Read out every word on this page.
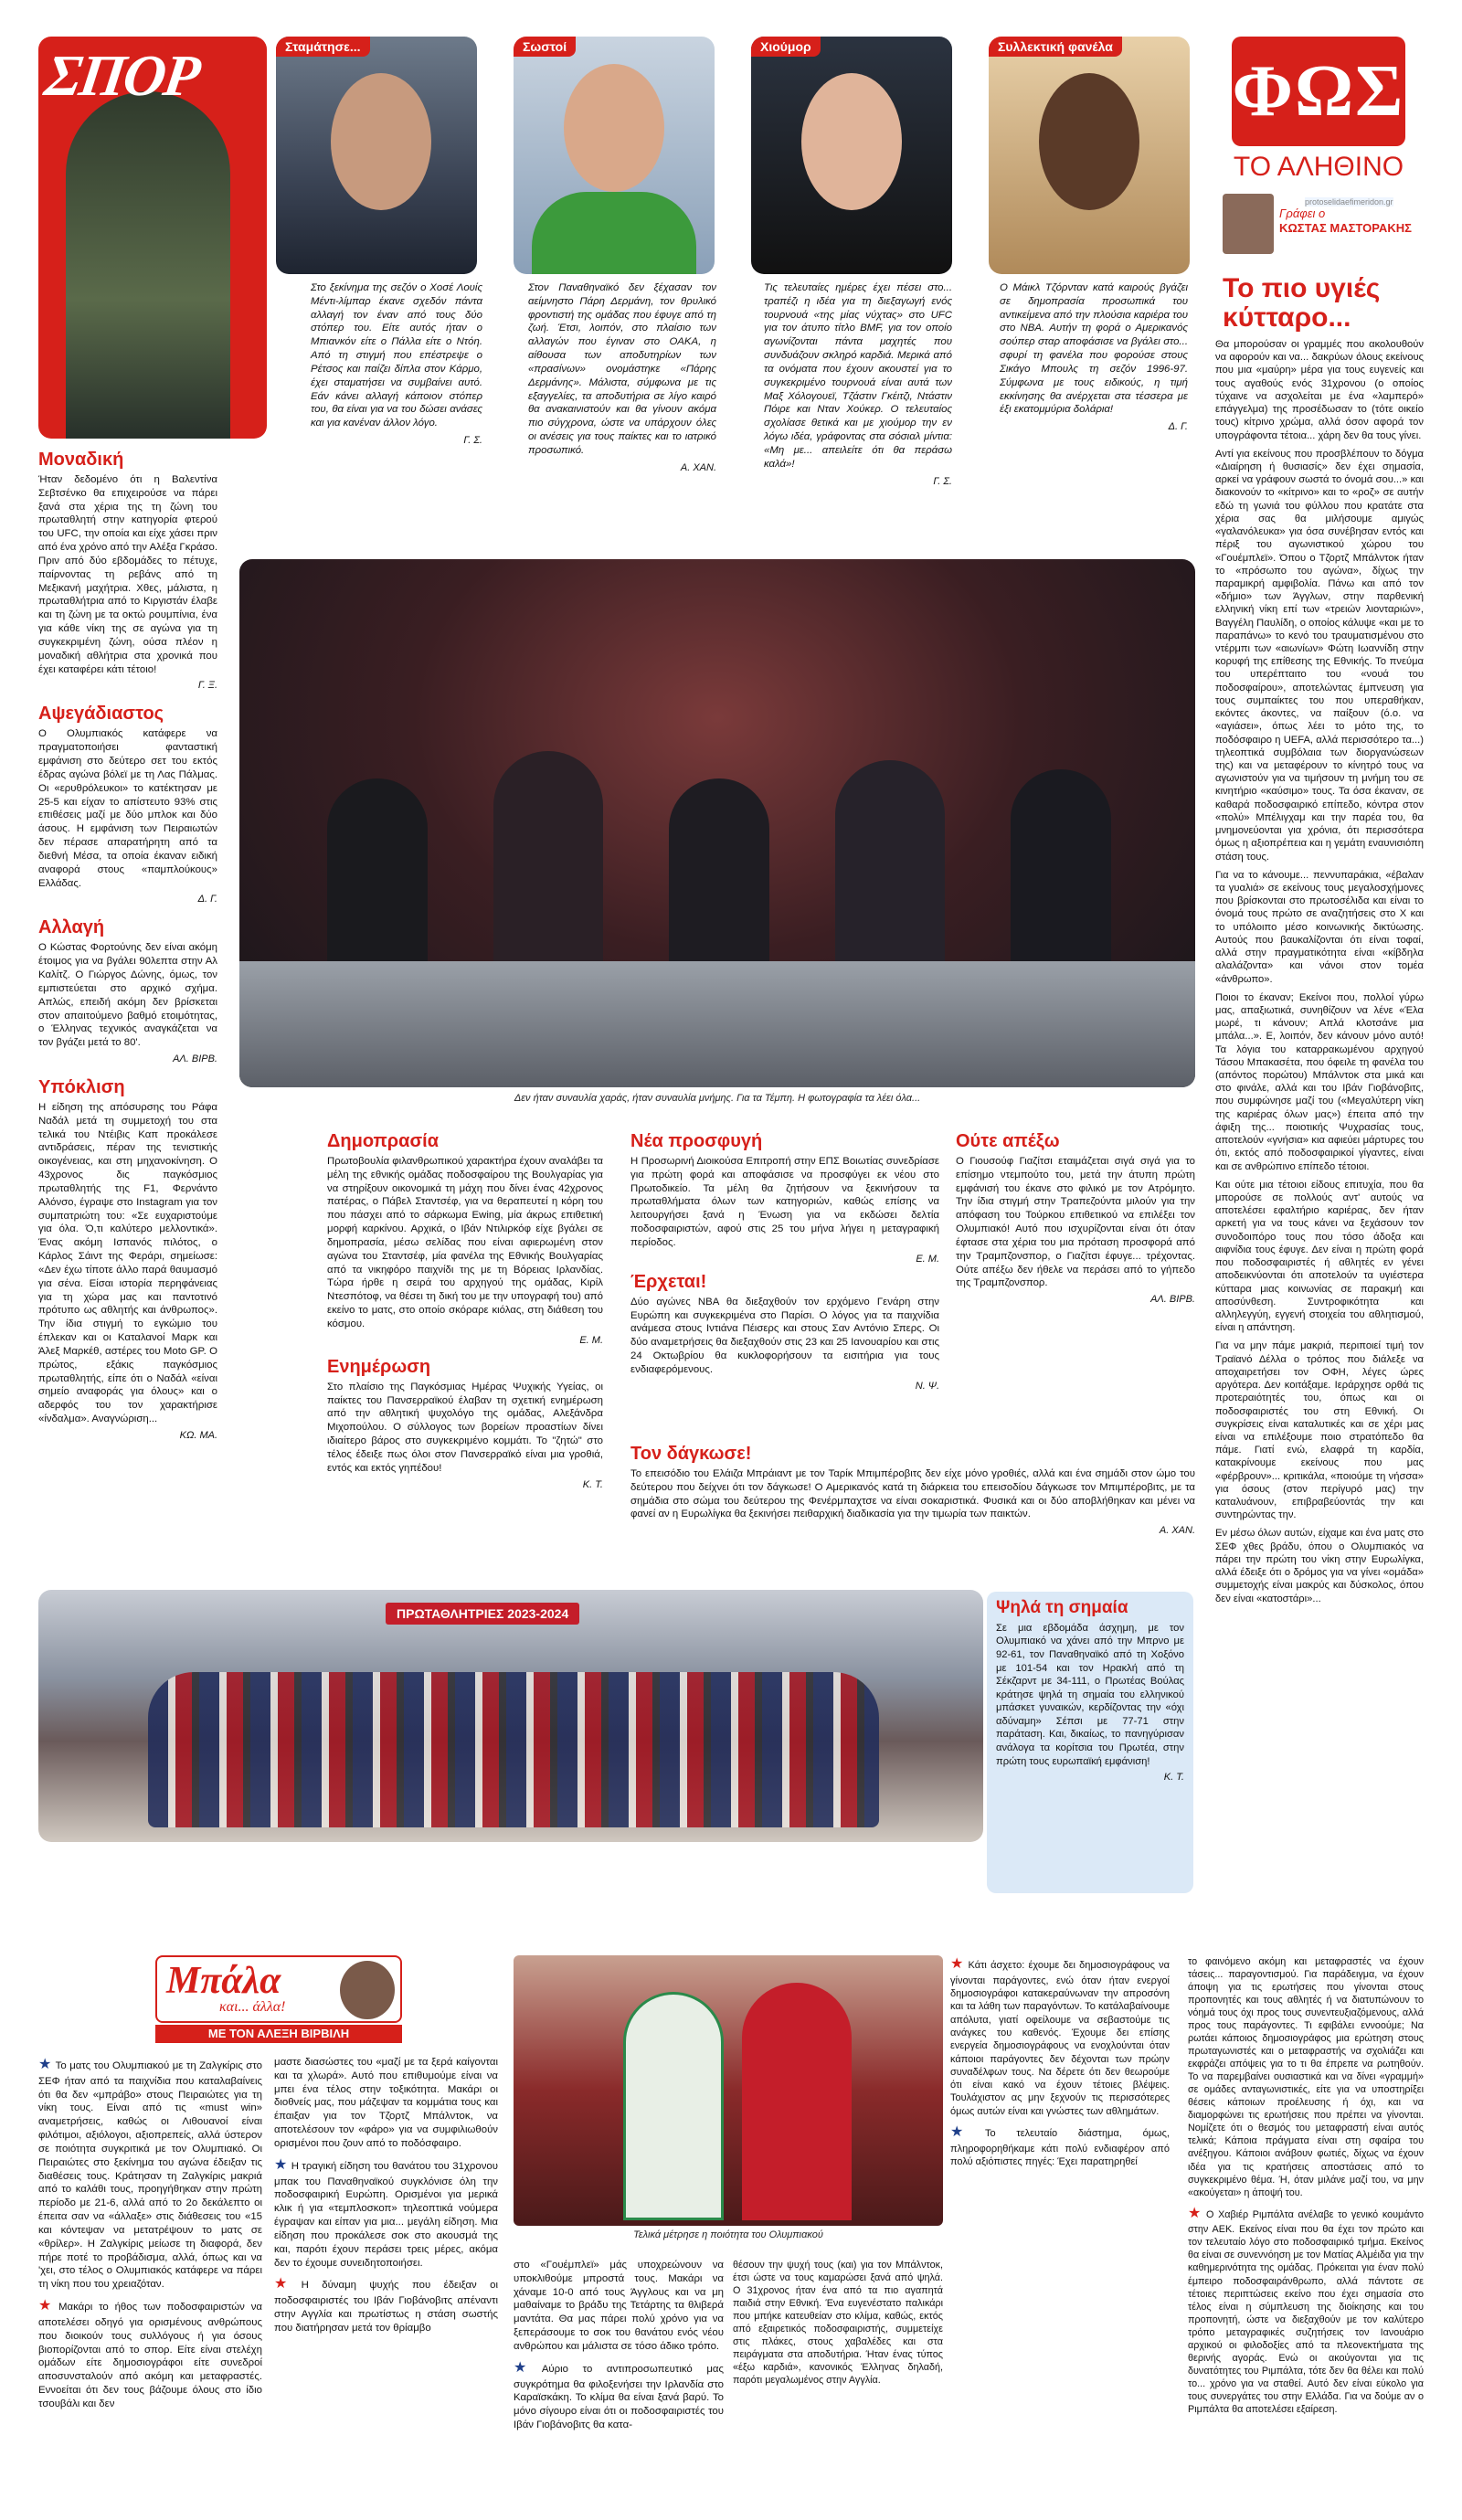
ΣΠΟΡ	Σταμάτησε...	Σωστοί	Χιούμορ	Συλλεκτική φανέλα
Στο ξεκίνημα της σεζόν ο Χοσέ Λουίς Μέντι-λίμπαρ έκανε σχεδόν πάντα αλλαγή τον έναν από τους δύο στόπερ του. Είτε αυτός ήταν ο Μπιανκόν είτε ο Πάλλα είτε ο Ντόη. Από τη στιγμή που επέστρεψε ο Ρέτσος και παίζει δίπλα στον Κάρμο, έχει σταματήσει να συμβαίνει αυτό. Εάν κάνει αλλαγή κάποιον στόπερ του, θα είναι για να του δώσει ανάσες και για κανέναν άλλον λόγο.
Γ. Σ.
Στον Παναθηναϊκό δεν ξέχασαν τον αείμνηστο Πάρη Δερμάνη, τον θρυλικό φροντιστή της ομάδας που έφυγε από τη ζωή. Έτσι, λοιπόν, στο πλαίσιο των αλλαγών που έγιναν στο ΟΑΚΑ, η αίθουσα των αποδυτηρίων των «πρασίνων» ονομάστηκε «Πάρης Δερμάνης». Μάλιστα, σύμφωνα με τις εξαγγελίες, τα αποδυτήρια σε λίγο καιρό θα ανακαινιστούν και θα γίνουν ακόμα πιο σύγχρονα, ώστε να υπάρχουν όλες οι ανέσεις για τους παίκτες και το ιατρικό προσωπικό.
Α. ΧΑΝ.
Τις τελευταίες ημέρες έχει πέσει στο... τραπέζι η ιδέα για τη διεξαγωγή ενός τουρνουά «της μίας νύχτας» στο UFC για τον άτυπο τίτλο BMF, για τον οποίο αγωνίζονται πάντα μαχητές που συνδυάζουν σκληρό καρδιά. Μερικά από τα ονόματα που έχουν ακουστεί για το συγκεκριμένο τουρνουά είναι αυτά των Μαξ Χόλογουεϊ, Τζάστιν Γκέιτζι, Ντάστιν Πόιρε και Νταν Χούκερ. Ο τελευταίος σχολίασε θετικά και με χιούμορ την εν λόγω ιδέα, γράφοντας στα σόσιαλ μίντια: «Μη με... απειλείτε ότι θα περάσω καλά»!
Γ. Σ.
Ο Μάικλ Τζόρνταν κατά καιρούς βγάζει σε δημοπρασία προσωπικά του αντικείμενα από την πλούσια καριέρα του στο NBA. Αυτήν τη φορά ο Αμερικανός σούπερ σταρ αποφάσισε να βγάλει στο... σφυρί τη φανέλα που φορούσε στους Σικάγο Μπουλς τη σεζόν 1996-97. Σύμφωνα με τους ειδικούς, η τιμή εκκίνησης θα ανέρχεται στα τέσσερα με έξι εκατομμύρια δολάρια!
Δ. Γ.
ΦΩΣ
ΤΟ ΑΛΗΘΙΝΟ
Γράφει ο
ΚΩΣΤΑΣ ΜΑΣΤΟΡΑΚΗΣ
protoselidaefimeridon.gr
Το πιο υγιές κύτταρο...

Θα μπορούσαν οι γραμμές που ακολουθούν να αφορούν και να... δακρύων όλους εκείνους που μια «μαύρη» μέρα για τους ευγενείς και τους αγαθούς ενός 31χρονου (ο οποίος τύχαινε να ασχολείται με ένα «λαμπερό» επάγγελμα) της προσέδωσαν το (τότε οικείο τους) κίτρινο χρώμα, αλλά όσον αφορά τον υπογράφοντα τέτοια... χάρη δεν θα τους γίνει.

Αντί για εκείνους που προσβλέπουν το δόγμα «Διαίρηση ή θυσιασίς» δεν έχει σημασία, αρκεί να γράφουν σωστά το όνομά σου...» και διακονούν το «κίτρινο» και το «ροζ» σε αυτήν εδώ τη γωνιά του φύλλου που κρατάτε στα χέρια σας θα μιλήσουμε αμιγώς «γαλανόλευκα» για όσα συνέβησαν εντός και πέριξ του αγωνιστικού χώρου του «Γουέμπλεϊ». Όπου ο Τζορτζ Μπάλντοκ ήταν το «πρόσωπο του αγώνα», δίχως την παραμικρή αμφιβολία. Πάνω και από τον «δήμιο» των Άγγλων, στην παρθενική ελληνική νίκη επί των «τρειών λιονταριών», Βαγγέλη Παυλίδη, ο οποίος κάλυψε «και με το παραπάνω» το κενό του τραυματισμένου στο ντέρμπι των «αιωνίων» Φώτη Ιωαννίδη στην κορυφή της επίθεσης της Εθνικής. Το πνεύμα του υπερέπταιτο του «νουά του ποδοσφαίρου», αποτελώντας έμπνευση για τους συμπαίκτες του που υπεραθήκαν, εκόντες άκοντες, να παίξουν (ό.ο. να «αγιάσει», όπως λέει το μότο της, το ποδόσφαιρο η UEFA, αλλά περισσότερο τα...) τηλεοπτικά συμβόλαια των διοργανώσεων της) και να μεταφέρουν το κίνητρό τους να αγωνιστούν για να τιμήσουν τη μνήμη του σε κινητήριο «καύσιμο» τους. Τα όσα έκαναν, σε καθαρά ποδοσφαιρικό επίπεδο, κόντρα στον «πολύ» Μπέλιγχαμ και την παρέα του, θα μνημονεύονται για χρόνια, ότι περισσότερα όμως η αξιοπρέπεια και η γεμάτη εναυνισιόπη στάση τους.

Για να το κάνουμε... πεννυπαράκια, «έβαλαν τα γυαλιά» σε εκείνους τους μεγαλοσχήμονες που βρίσκονται στο πρωτοσέλιδα και είναι το όνομά τους πρώτο σε αναζητήσεις στο Χ και το υπόλοιπο μέσο κοινωνικής δικτύωσης. Αυτούς που βαυκαλίζονται ότι είναι τοφαί, αλλά στην πραγματικότητα είναι «κίβδηλα αλαλάζοντα» και νάνοι στον τομέα «άνθρωπο».

Ποιοι το έκαναν; Εκείνοι που, πολλοί γύρω μας, απαξιωτικά, συνηθίζουν να λένε «Έλα μωρέ, τι κάνουν; Απλά κλοτσάνε μια μπάλα...». Ε, λοιπόν, δεν κάνουν μόνο αυτό! Τα λόγια του καταρρακωμένου αρχηγού Τάσου Μπακασέτα, που όφειλε τη φανέλα του (απόντος πορώτου) Μπάλντοκ στα μικά και στο φινάλε, αλλά και του Ιβάν Γιοβάνοβιτς, που συμφώνησε μαζί του («Μεγαλύτερη νίκη της καριέρας όλων μας») έπειτα από την άφιξη της... ποιοτικής Ψυχρασίας τους, αποτελούν «γνήσια» κια αφιεύει μάρτυρες του ότι, εκτός από ποδοσφαιρικοί γίγαντες, είναι και σε ανθρώπινο επίπεδο τέτοιοι.

Και ούτε μια τέτοιοι είδους επιτυχία, που θα μπορούσε σε πολλούς αντ' αυτούς να αποτελέσει εφαλτήριο καριέρας, δεν ήταν αρκετή για να τους κάνει να ξεχάσουν τον συνοδοιπόρο τους που τόσο άδοξα και αιφνίδια τους έφυγε. Δεν είναι η πρώτη φορά που ποδοσφαιριστές ή αθλητές εν γένει αποδεικνύονται ότι αποτελούν τα υγιέστερα κύτταρα μιας κοινωνίας σε παρακμή και αποσύνθεση. Συντροφικότητα και αλληλεγγύη, εγγενή στοιχεία του αθλητισμού, είναι η απάντηση.

Για να μην πάμε μακριά, περιποιεί τιμή τον Τραϊανό Δέλλα ο τρόπος που διάλεξε να αποχαιρετήσει τον ΟΦΗ, λέγες ώρες αργότερα. Δεν κοιτάξαμε. Ιεράρχησε ορθά τις προτεραιότητές του, όπως και οι ποδοσφαιριστές του στη Εθνική. Οι συγκρίσεις είναι καταλυτικές και σε χέρι μας είναι να επιλέξουμε ποιο στρατόπεδο θα πάμε. Γιατί ενώ, ελαφρά τη καρδία, κατακρίνουμε εκείνους που μας «φέρβρουν»... κριτικάλα, «ποιούμε τη νήσσα» για όσους (στον περίγυρό μας) την καταλυάνουν, επιβραβεύοντάς την και συντηρώντας την.

Εν μέσω όλων αυτών, είχαμε και ένα ματς στο ΣΕΦ χθες βράδυ, όπου ο Ολυμπιακός να πάρει την πρώτη του νίκη στην Ευρωλίγκα, αλλά έδειξε ότι ο δρόμος για να γίνει «ομάδα» συμμετοχής είναι μακρύς και δύσκολος, όπου δεν είναι «κατοστάρι»...

Μοναδική
Ήταν δεδομένο ότι η Βαλεντίνα Σεβτσένκο θα επιχειρούσε να πάρει ξανά στα χέρια της τη ζώνη του πρωταθλητή στην κατηγορία φτερού του UFC, την οποία και είχε χάσει πριν από ένα χρόνο από την Αλέξα Γκράσο. Πριν από δύο εβδομάδες το πέτυχε, παίρνοντας τη ρεβάνς από τη Μεξικανή μαχήτρια. Χθες, μάλιστα, η πρωταθλήτρια από το Κιργιστάν έλαβε και τη ζώνη με τα οκτώ ρουμπίνια, ένα για κάθε νίκη της σε αγώνα για τη συγκεκριμένη ζώνη, ούσα πλέον η μοναδική αθλήτρια στα χρονικά που έχει καταφέρει κάτι τέτοιο!
Γ. Ξ.
Αψεγάδιαστος
Ο Ολυμπιακός κατάφερε να πραγματοποιήσει φανταστική εμφάνιση στο δεύτερο σετ του εκτός έδρας αγώνα βόλεϊ με τη Λας Πάλμας. Οι «ερυθρόλευκοι» το κατέκτησαν με 25-5 και είχαν το απίστευτο 93% στις επιθέσεις μαζί με δύο μπλοκ και δύο άσους. Η εμφάνιση των Πειραιωτών δεν πέρασε απαρατήρητη από τα διεθνή Μέσα, τα οποία έκαναν ειδική αναφορά στους «παμπλούκους» Ελλάδας.
Δ. Γ.
Αλλαγή
Ο Κώστας Φορτούνης δεν είναι ακόμη έτοιμος για να βγάλει 90λεπτα στην Αλ Καλίτζ. Ο Γιώργος Δώνης, όμως, τον εμπιστεύεται στο αρχικό σχήμα. Απλώς, επειδή ακόμη δεν βρίσκεται στον απαιτούμενο βαθμό ετοιμότητας, ο Έλληνας τεχνικός αναγκάζεται να τον βγάζει μετά το 80'.
ΑΛ. ΒΙΡΒ.
Υπόκλιση
Η είδηση της απόσυρσης του Ράφα Ναδάλ μετά τη συμμετοχή του στα τελικά του Ντέιβις Καπ προκάλεσε αντιδράσεις, πέραν της τενιστικής οικογένειας, και στη μηχανοκίνηση. Ο 43χρονος δις παγκόσμιος πρωταθλητής της F1, Φερνάντο Αλόνσο, έγραψε στο Instagram για τον συμπατριώτη του: «Σε ευχαριστούμε για όλα. Ό,τι καλύτερο μελλοντικά». Ένας ακόμη Ισπανός πιλότος, ο Κάρλος Σάιντ της Φεράρι, σημείωσε: «Δεν έχω τίποτε άλλο παρά θαυμασμό για σένα. Είσαι ιστορία περηφάνειας για τη χώρα μας και παντοτινό πρότυπο ως αθλητής και άνθρωπος». Την ίδια στιγμή το εγκώμιο του έπλεκαν και οι Καταλανοί Μαρκ και Άλεξ Μαρκέθ, αστέρες του Moto GP. Ο πρώτος, εξάκις παγκόσμιος πρωταθλητής, είπε ότι ο Ναδάλ «είναι σημείο αναφοράς για όλους» και ο αδερφός του τον χαρακτήρισε «ίνδαλμα». Αναγνώριση...
ΚΩ. ΜΑ.
Δεν ήταν συναυλία χαράς, ήταν συναυλία μνήμης. Για τα Τέμπη. Η φωτογραφία τα λέει όλα...
Δημοπρασία
Πρωτοβουλία φιλανθρωπικού χαρακτήρα έχουν αναλάβει τα μέλη της εθνικής ομάδας ποδοσφαίρου της Βουλγαρίας για να στηρίξουν οικονομικά τη μάχη που δίνει ένας 42χρονος πατέρας, ο Πάβελ Σταντσέφ, για να θεραπευτεί η κόρη του που πάσχει από το σάρκωμα Ewing, μία άκρως επιθετική μορφή καρκίνου. Αρχικά, ο Ιβάν Ντιλιρκόφ είχε βγάλει σε δημοπρασία, μέσω σελίδας που είναι αφιερωμένη στον αγώνα του Σταντσέφ, μία φανέλα της Εθνικής Βουλγαρίας από τα νικηφόρο παιχνίδι της με τη Βόρειας Ιρλανδίας. Τώρα ήρθε η σειρά του αρχηγού της ομάδας, Κιρίλ Ντεσπότοφ, να θέσει τη δική του με την υπογραφή του) από εκείνο το ματς, στο οποίο σκόραρε κιόλας, στη διάθεση του κόσμου.
Ε. Μ.
Ενημέρωση
Στο πλαίσιο της Παγκόσμιας Ημέρας Ψυχικής Υγείας, οι παίκτες του Πανσερραϊκού έλαβαν τη σχετική ενημέρωση από την αθλητική ψυχολόγο της ομάδας, Αλεξάνδρα Μιχοπούλου. Ο σύλλογος των βορείων προαστίων δίνει ιδιαίτερο βάρος στο συγκεκριμένο κομμάτι. Το "ζητώ" στο τέλος έδειξε πως όλοι στον Πανσερραϊκό είναι μια γροθιά, εντός και εκτός γηπέδου!
Κ. Τ.
Νέα προσφυγή
Η Προσωρινή Διοικούσα Επιτροπή στην ΕΠΣ Βοιωτίας συνεδρίασε για πρώτη φορά και αποφάσισε να προσφύγει εκ νέου στο Πρωτοδικείο. Τα μέλη θα ζητήσουν να ξεκινήσουν τα πρωταθλήματα όλων των κατηγοριών, καθώς επίσης να λειτουργήσει ξανά η Ένωση για να εκδώσει δελτία ποδοσφαιριστών, αφού στις 25 του μήνα λήγει η μεταγραφική περίοδος.
Ε. Μ.
Έρχεται!
Δύο αγώνες NBA θα διεξαχθούν τον ερχόμενο Γενάρη στην Ευρώπη και συγκεκριμένα στο Παρίσι. Ο λόγος για τα παιχνίδια ανάμεσα στους Ιντιάνα Πέισερς και στους Σαν Αντόνιο Σπερς. Οι δύο αναμετρήσεις θα διεξαχθούν στις 23 και 25 Ιανουαρίου και στις 24 Οκτωβρίου θα κυκλοφορήσουν τα εισιτήρια για τους ενδιαφερόμενους.
Ν. Ψ.
Ούτε απέξω
Ο Γιουσούφ Γιαζίτσι εταιμάζεται σιγά σιγά για το επίσημο ντεμπούτο του, μετά την άτυπη πρώτη εμφάνισή του έκανε στο φιλικό με τον Ατρόμητο. Την ίδια στιγμή στην Τραπεζούντα μιλούν για την απόφαση του Τούρκου επιθετικού να επιλέξει τον Ολυμπιακό! Αυτό που ισχυρίζονται είναι ότι όταν έφτασε στα χέρια του μια πρόταση προσφορά από την Τραμπζονσπορ, ο Γιαζίτσι έφυγε... τρέχοντας. Ούτε απέξω δεν ήθελε να περάσει από το γήπεδο της Τραμπζονσπορ.
ΑΛ. ΒΙΡΒ.
Τον δάγκωσε!
Το επεισόδιο του Ελάιζα Μπράιαντ με τον Ταρίκ Μπιμπέροβιτς δεν είχε μόνο γροθιές, αλλά και ένα σημάδι στον ώμο του δεύτερου που δείχνει ότι τον δάγκωσε! Ο Αμερικανός κατά τη διάρκεια του επεισοδίου δάγκωσε τον Μπιμπέροβιτς, με τα σημάδια στο σώμα του δεύτερου της Φενέρμπαχτσε να είναι σοκαριστικά. Φυσικά και οι δύο αποβλήθηκαν και μένει να φανεί αν η Ευρωλίγκα θα ξεκινήσει πειθαρχική διαδικασία για την τιμωρία των παικτών.
Α. ΧΑΝ.
ΠΡΩΤΑΘΛΗΤΡΙΕΣ 2023-2024	Ψηλά τη σημαία
Σε μια εβδομάδα άσχημη, με τον Ολυμπιακό να χάνει από την Μπρνο με 92-61, τον Παναθηναϊκό από τη Χοξόνο με 101-54 και τον Ηρακλή από τη Σέκζαρντ με 34-111, ο Πρωτέας Βούλας κράτησε ψηλά τη σημαία του ελληνικού μπάσκετ γυναικών, κερδίζοντας την «όχι αδύναμη» Σέπσι με 77-71 στην παράταση. Και, δικαίως, το πανηγύρισαν ανάλογα τα κορίτσια του Πρωτέα, στην πρώτη τους ευρωπαϊκή εμφάνιση!
Κ. Τ.
Μπάλα
και... άλλα!
ΜΕ ΤΟΝ ΑΛΕΞΗ ΒΙΡΒΙΛΗ
Τελικά μέτρησε η ποιότητα του Ολυμπιακού

★ Το ματς του Ολυμπιακού με τη Ζαλγκίρις στο ΣΕΦ ήταν από τα παιχνίδια που καταλαβαίνεις ότι θα δεν «μπράβο» στους Πειραιώτες για τη νίκη τους. Είναι από τις «must win» αναμετρήσεις, καθώς οι Λιθουανοί είναι φιλότιμοι, αξιόλογοι, αξιοπρεπείς, αλλά ύστερον σε ποιότητα συγκριτικά με τον Ολυμπιακό. Οι Πειραιώτες στο ξεκίνημα του αγώνα έδειξαν τις διαθέσεις τους. Κράτησαν τη Ζαλγκίρις μακριά από το καλάθι τους, προηγήθηκαν στην πρώτη περίοδο με 21-6, αλλά από το 2ο δεκάλεπτο οι έπειτα σαν να «άλλαξε» στις διάθεσεις του «15 και κόντεψαν να μετατρέψουν το ματς σε «θρίλερ». Η Ζαλγκίρις μείωσε τη διαφορά, δεν πήρε ποτέ το προβάδισμα, αλλά, όπως και να 'χει, στο τέλος ο Ολυμπιακός κατάφερε να πάρει τη νίκη που του χρειαζόταν.

★ Μακάρι το ήθος των ποδοσφαιριστών να αποτελέσει οδηγό για ορισμένους ανθρώπους που διοικούν τους συλλόγους ή για όσους βιοπορίζονται από το σπορ. Είτε είναι στελέχη ομάδων είτε δημοσιογράφοι είτε συνεδροί αποσυνσταλούν από ακόμη και μεταφραστές. Εννοείται ότι δεν τους βάζουμε όλους στο ίδιο τσουβάλι και δεν

μαστε διασώστες του «μαζί με τα ξερά καίγονται και τα χλωρά». Αυτό που επιθυμούμε είναι να μπει ένα τέλος στην τοξικότητα. Μακάρι οι διοθνείς μας, που μάζεψαν τα κομμάτια τους και έπαιξαν για τον Τζορτζ Μπάλντοκ, να αποτελέσουν τον «φάρο» για να συμφιλιωθούν ορισμένοι που ζουν από το ποδόσφαιρο.

★ Η τραγική είδηση του θανάτου του 31χρονου μπακ του Παναθηναϊκού συγκλόνισε όλη την ποδοσφαιρική Ευρώπη. Ορισμένοι για μερικά κλικ ή για «τεμπλοσκοπ» τηλεοπτικά νούμερα έγραψαν και είπαν για μια... μεγάλη είδηση. Μια είδηση που προκάλεσε σοκ στο ακουσμά της και, παρότι έχουν περάσει τρεις μέρες, ακόμα δεν το έχουμε συνειδητοποιήσει.

★ Η δύναμη ψυχής που έδειξαν οι ποδοσφαιριστές του Ιβάν Γιοβάνοβιτς απέναντι στην Αγγλία και πρωτίστως η στάση σωστής που διατήρησαν μετά τον θρίαμβο

στο «Γουέμπλεϊ» μάς υποχρεώνουν να υποκλιθούμε μπροστά τους. Μακάρι να χάναμε 10-0 από τους Άγγλους και να μη μαθαίναμε το βράδυ της Τετάρτης τα θλιβερά μαντάτα. Θα μας πάρει πολύ χρόνο για να ξεπεράσουμε το σοκ του θανάτου ενός νέου ανθρώπου και μάλιστα σε τόσο άδικο τρόπο.

★ Αύριο το αντιπροσωπευτικό μας συγκρότημα θα φιλοξενήσει την Ιρλανδία στο Καραϊσκάκη. Το κλίμα θα είναι ξανά βαρύ. Το μόνο σίγουρο είναι ότι οι ποδοσφαιριστές του Ιβάν Γιοβάνοβιτς θα κατα-

θέσουν την ψυχή τους (και) για τον Μπάλντοκ, έτσι ώστε να τους καμαρώσει ξανά από ψηλά. Ο 31χρονος ήταν ένα από τα πιο αγαπητά παιδιά στην Εθνική. Ένα ευγενέστατο παλικάρι που μπήκε κατευθείαν στο κλίμα, καθώς, εκτός από εξαιρετικός ποδοσφαιριστής, συμμετείχε στις πλάκες, στους χαβαλέδες και στα πειράγματα στα αποδυτήρια. Ήταν ένας τύπος «έξω καρδιά», κανονικός Έλληνας δηλαδή, παρότι μεγαλωμένος στην Αγγλία.

★ Κάτι άσχετο: έχουμε δει δημοσιογράφους να γίνονται παράγοντες, ενώ όταν ήταν ενεργοί δημοσιογράφοι κατακεραύνωναν την απροσόνη και τα λάθη των παραγόντων. Το κατάλαβαίνουμε απόλυτα, γιατί οφείλουμε να σεβαστούμε τις ανάγκες του καθενός. Έχουμε δει επίσης ενεργεία δημοσιογράφους να ενοχλούνται όταν κάποιοι παράγοντες δεν δέχονται των πρώην συναδέλφων τους. Να δέρετε ότι δεν θεωρούμε ότι είναι κακό να έχουν τέτοιες βλέψεις. Τουλάχιστον ας μην ξεχνούν τις περισσότερες όμως αυτών είναι και γνώστες των αθλημάτων.

★ Το τελευταίο διάστημα, όμως, πληροφορηθήκαμε κάτι πολύ ενδιαφέρον από πολύ αξιόπιστες πηγές: Έχει παρατηρηθεί

το φαινόμενο ακόμη και μεταφραστές να έχουν τάσεις... παραγοντισμού. Για παράδειγμα, να έχουν άποψη για τις ερωτήσεις που γίνονται στους προπονητές και τους αθλητές ή να διατυπώνουν το νόημά τους όχι προς τους συνεντευξιαζόμενους, αλλά προς τους παράγοντες. Τι εφιβάλει εννοούμε; Να ρωτάει κάποιος δημοσιογράφος μια ερώτηση στους πρωταγωνιστές και ο μεταφραστής να σχολιάζει και εκφράζει απόψεις για το τι θα έπρεπε να ρωτηθούν. Το να παρεμβαίνει ουσιαστικά και να δίνει «γραμμή» σε ομάδες ανταγωνιστικές, είτε για να υποστηρίξει θέσεις κάποιων προέλευσης ή όχι, και να διαμορφώνει τις ερωτήσεις που πρέπει να γίνονται. Νομίζετε ότι ο θεσμός του μεταφραστή είναι αυτός τελικά; Κάποια πράγματα είναι στη σφαίρα του ανέξηγου. Κάποιοι ανάβουν φωτιές, δίχως να έχουν ιδέα για τις κρατήσεις αποστάσεις από το συγκεκριμένο θέμα. Ή, όταν μιλάνε μαζί του, να μην «ακούγεται» η άποψή του.

★ Ο Χαβιέρ Ριμπάλτα ανέλαβε το γενικό κουμάντο στην ΑΕΚ. Εκείνος είναι που θα έχει τον πρώτο και τον τελευταίο λόγο στο ποδοσφαιρικό τμήμα. Εκείνος θα είναι σε συνεννόηση με τον Ματίας Αλμέιδα για την καθημερινότητα της ομάδας. Πρόκειται για έναν πολύ έμπειρο ποδοσφαιράνθρωπο, αλλά πάντοτε σε τέτοιες περιπτώσεις εκείνο που έχει σημασία στο τέλος είναι η σύμπλευση της διοίκησης και του προπονητή, ώστε να διεξαχθούν με τον καλύτερο τρόπο μεταγραφικές συζητήσεις τον Ιανουάριο αρχικού οι φιλοδοξίες από τα πλεονεκτήματα της θερινής αγοράς. Ενώ οι ακούγονται για τις δυνατότητες του Ριμπάλτα, τότε δεν θα θέλει και πολύ το... χρόνο για να σταθεί. Αυτό δεν είναι εύκολο για τους συνεργάτες του στην Ελλάδα. Για να δούμε αν ο Ριμπάλτα θα αποτελέσει εξαίρεση.
